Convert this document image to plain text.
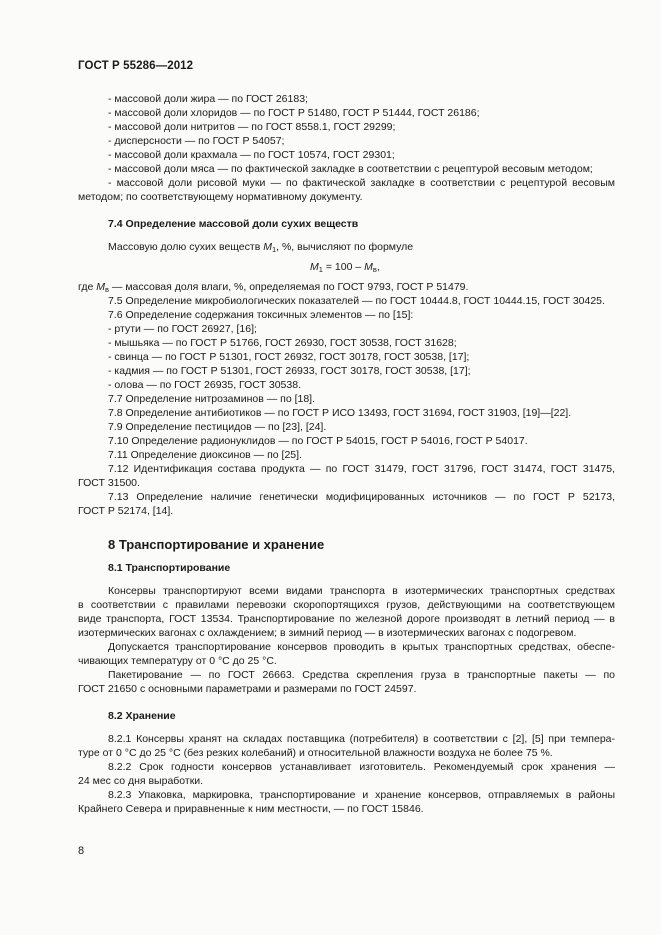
ГОСТ Р 55286—2012

- массовой доли жира — по ГОСТ 26183;

- массовой доли хлоридов — по ГОСТ Р 51480, ГОСТ Р 51444, ГОСТ 26186;

- массовой доли нитритов — по ГОСТ 8558.1, ГОСТ 29299;

- дисперсности — по ГОСТ Р 54057;

- массовой доли крахмала — по ГОСТ 10574, ГОСТ 29301;

- массовой доли мяса — по фактической закладке в соответствии с рецептурой весовым методом;

- массовой доли рисовой муки — по фактической закладке в соответствии с рецептурой весовым

методом; по соответствующему нормативному документу.

7.4 Определение массовой доли сухих веществ

Массовую долю сухих веществ $M_1$, %, вычисляют по формуле

$M_1 = 100 - M_в$,

где $M_в$ — массовая доля влаги, %, определяемая по ГОСТ 9793, ГОСТ Р 51479.

7.5 Определение микробиологических показателей — по ГОСТ 10444.8, ГОСТ 10444.15, ГОСТ 30425.

7.6 Определение содержания токсичных элементов — по [15]:

- ртути — по ГОСТ 26927, [16];

- мышьяка — по ГОСТ Р 51766, ГОСТ 26930, ГОСТ 30538, ГОСТ 31628;

- свинца — по ГОСТ Р 51301, ГОСТ 26932, ГОСТ 30178, ГОСТ 30538, [17];

- кадмия — по ГОСТ Р 51301, ГОСТ 26933, ГОСТ 30178, ГОСТ 30538, [17];

- олова — по ГОСТ 26935, ГОСТ 30538.

7.7 Определение нитрозаминов — по [18].

7.8 Определение антибиотиков — по ГОСТ Р ИСО 13493, ГОСТ 31694, ГОСТ 31903, [19]—[22].

7.9 Определение пестицидов — по [23], [24].

7.10 Определение радионуклидов — по ГОСТ Р 54015, ГОСТ Р 54016, ГОСТ Р 54017.

7.11 Определение диоксинов — по [25].

7.12 Идентификация состава продукта — по ГОСТ 31479, ГОСТ 31796, ГОСТ 31474, ГОСТ 31475,

ГОСТ 31500.

7.13 Определение наличие генетически модифицированных источников — по ГОСТ Р 52173,

ГОСТ Р 52174, [14].

8 Транспортирование и хранение

8.1 Транспортирование

Консервы транспортируют всеми видами транспорта в изотермических транспортных средствах

в соответствии с правилами перевозки скоропортящихся грузов, действующими на соответствующем

виде транспорта, ГОСТ 13534. Транспортирование по железной дороге производят в летний период — в

изотермических вагонах с охлаждением; в зимний период — в изотермических вагонах с подогревом.

Допускается транспортирование консервов проводить в крытых транспортных средствах, обеспе-

чивающих температуру от 0 °С до 25 °С.

Пакетирование — по ГОСТ 26663. Средства скрепления груза в транспортные пакеты — по

ГОСТ 21650 с основными параметрами и размерами по ГОСТ 24597.

8.2 Хранение

8.2.1 Консервы хранят на складах поставщика (потребителя) в соответствии с [2], [5] при темпера-

туре от 0 °С до 25 °С (без резких колебаний) и относительной влажности воздуха не более 75 %.

8.2.2 Срок годности консервов устанавливает изготовитель. Рекомендуемый срок хранения —

24 мес со дня выработки.

8.2.3 Упаковка, маркировка, транспортирование и хранение консервов, отправляемых в районы

Крайнего Севера и приравненные к ним местности, — по ГОСТ 15846.

8
